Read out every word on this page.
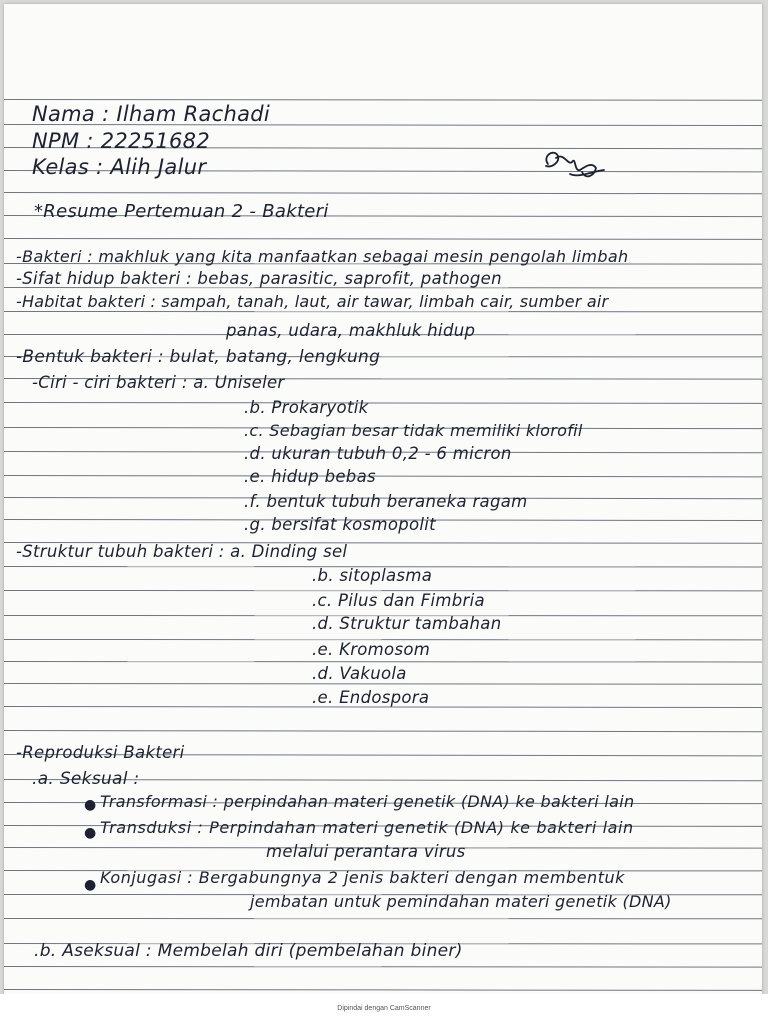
Nama : Ilham Rachadi
NPM : 22251682
Kelas : Alih Jalur
*Resume Pertemuan 2 - Bakteri
-Bakteri : makhluk yang kita manfaatkan sebagai mesin pengolah limbah
-Sifat hidup bakteri : bebas, parasitic, saprofit, pathogen
-Habitat bakteri : sampah, tanah, laut, air tawar, limbah cair, sumber air
panas, udara, makhluk hidup
-Bentuk bakteri : bulat, batang, lengkung
-Ciri - ciri bakteri : a. Uniseler
.b. Prokaryotik
.c. Sebagian besar tidak memiliki klorofil
.d. ukuran tubuh 0,2 - 6 micron
.e. hidup bebas
.f. bentuk tubuh beraneka ragam
.g. bersifat kosmopolit
-Struktur tubuh bakteri : a. Dinding sel
.b. sitoplasma
.c. Pilus dan Fimbria
.d. Struktur tambahan
.e. Kromosom
.d. Vakuola
.e. Endospora
-Reproduksi Bakteri
.a. Seksual :
● Transformasi : perpindahan materi genetik (DNA) ke bakteri lain
● Transduksi : Perpindahan materi genetik (DNA) ke bakteri lain
melalui perantara virus
● Konjugasi : Bergabungnya 2 jenis bakteri dengan membentuk
jembatan untuk pemindahan materi genetik (DNA)
.b. Aseksual : Membelah diri (pembelahan biner)
Dipindai dengan CamScanner
